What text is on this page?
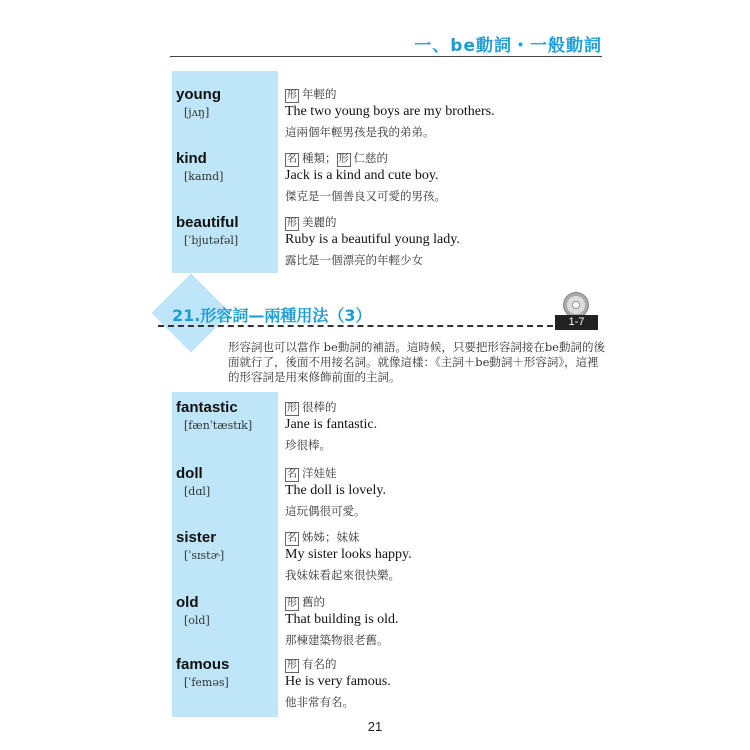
一、be動詞・一般動詞
young
[jʌŋ]
形 年輕的
The two young boys are my brothers.
這兩個年輕男孩是我的弟弟。
kind
[kaɪnd]
名 種類； 形 仁慈的
Jack is a kind and cute boy.
傑克是一個善良又可愛的男孩。
beautiful
[ˈbjutəfəl]
形 美麗的
Ruby is a beautiful young lady.
露比是一個漂亮的年輕少女
21.形容詞—兩種用法（3）	1-7
形容詞也可以當作 be動詞的補語。這時候，只要把形容詞接在be動詞的後面就行了，後面不用接名詞。就像這樣：《主詞＋be動詞＋形容詞》，這裡的形容詞是用來修飾前面的主詞。
fantastic
[fænˈtæstɪk]
形 很棒的
Jane is fantastic.
珍很棒。
doll
[dɑl]
名 洋娃娃
The doll is lovely.
這玩偶很可愛。
sister
[ˈsɪstɚ]
名 姊姊；妹妹
My sister looks happy.
我妹妹看起來很快樂。
old
[old]
形 舊的
That building is old.
那棟建築物很老舊。
famous
[ˈfeməs]
形 有名的
He is very famous.
他非常有名。
21
